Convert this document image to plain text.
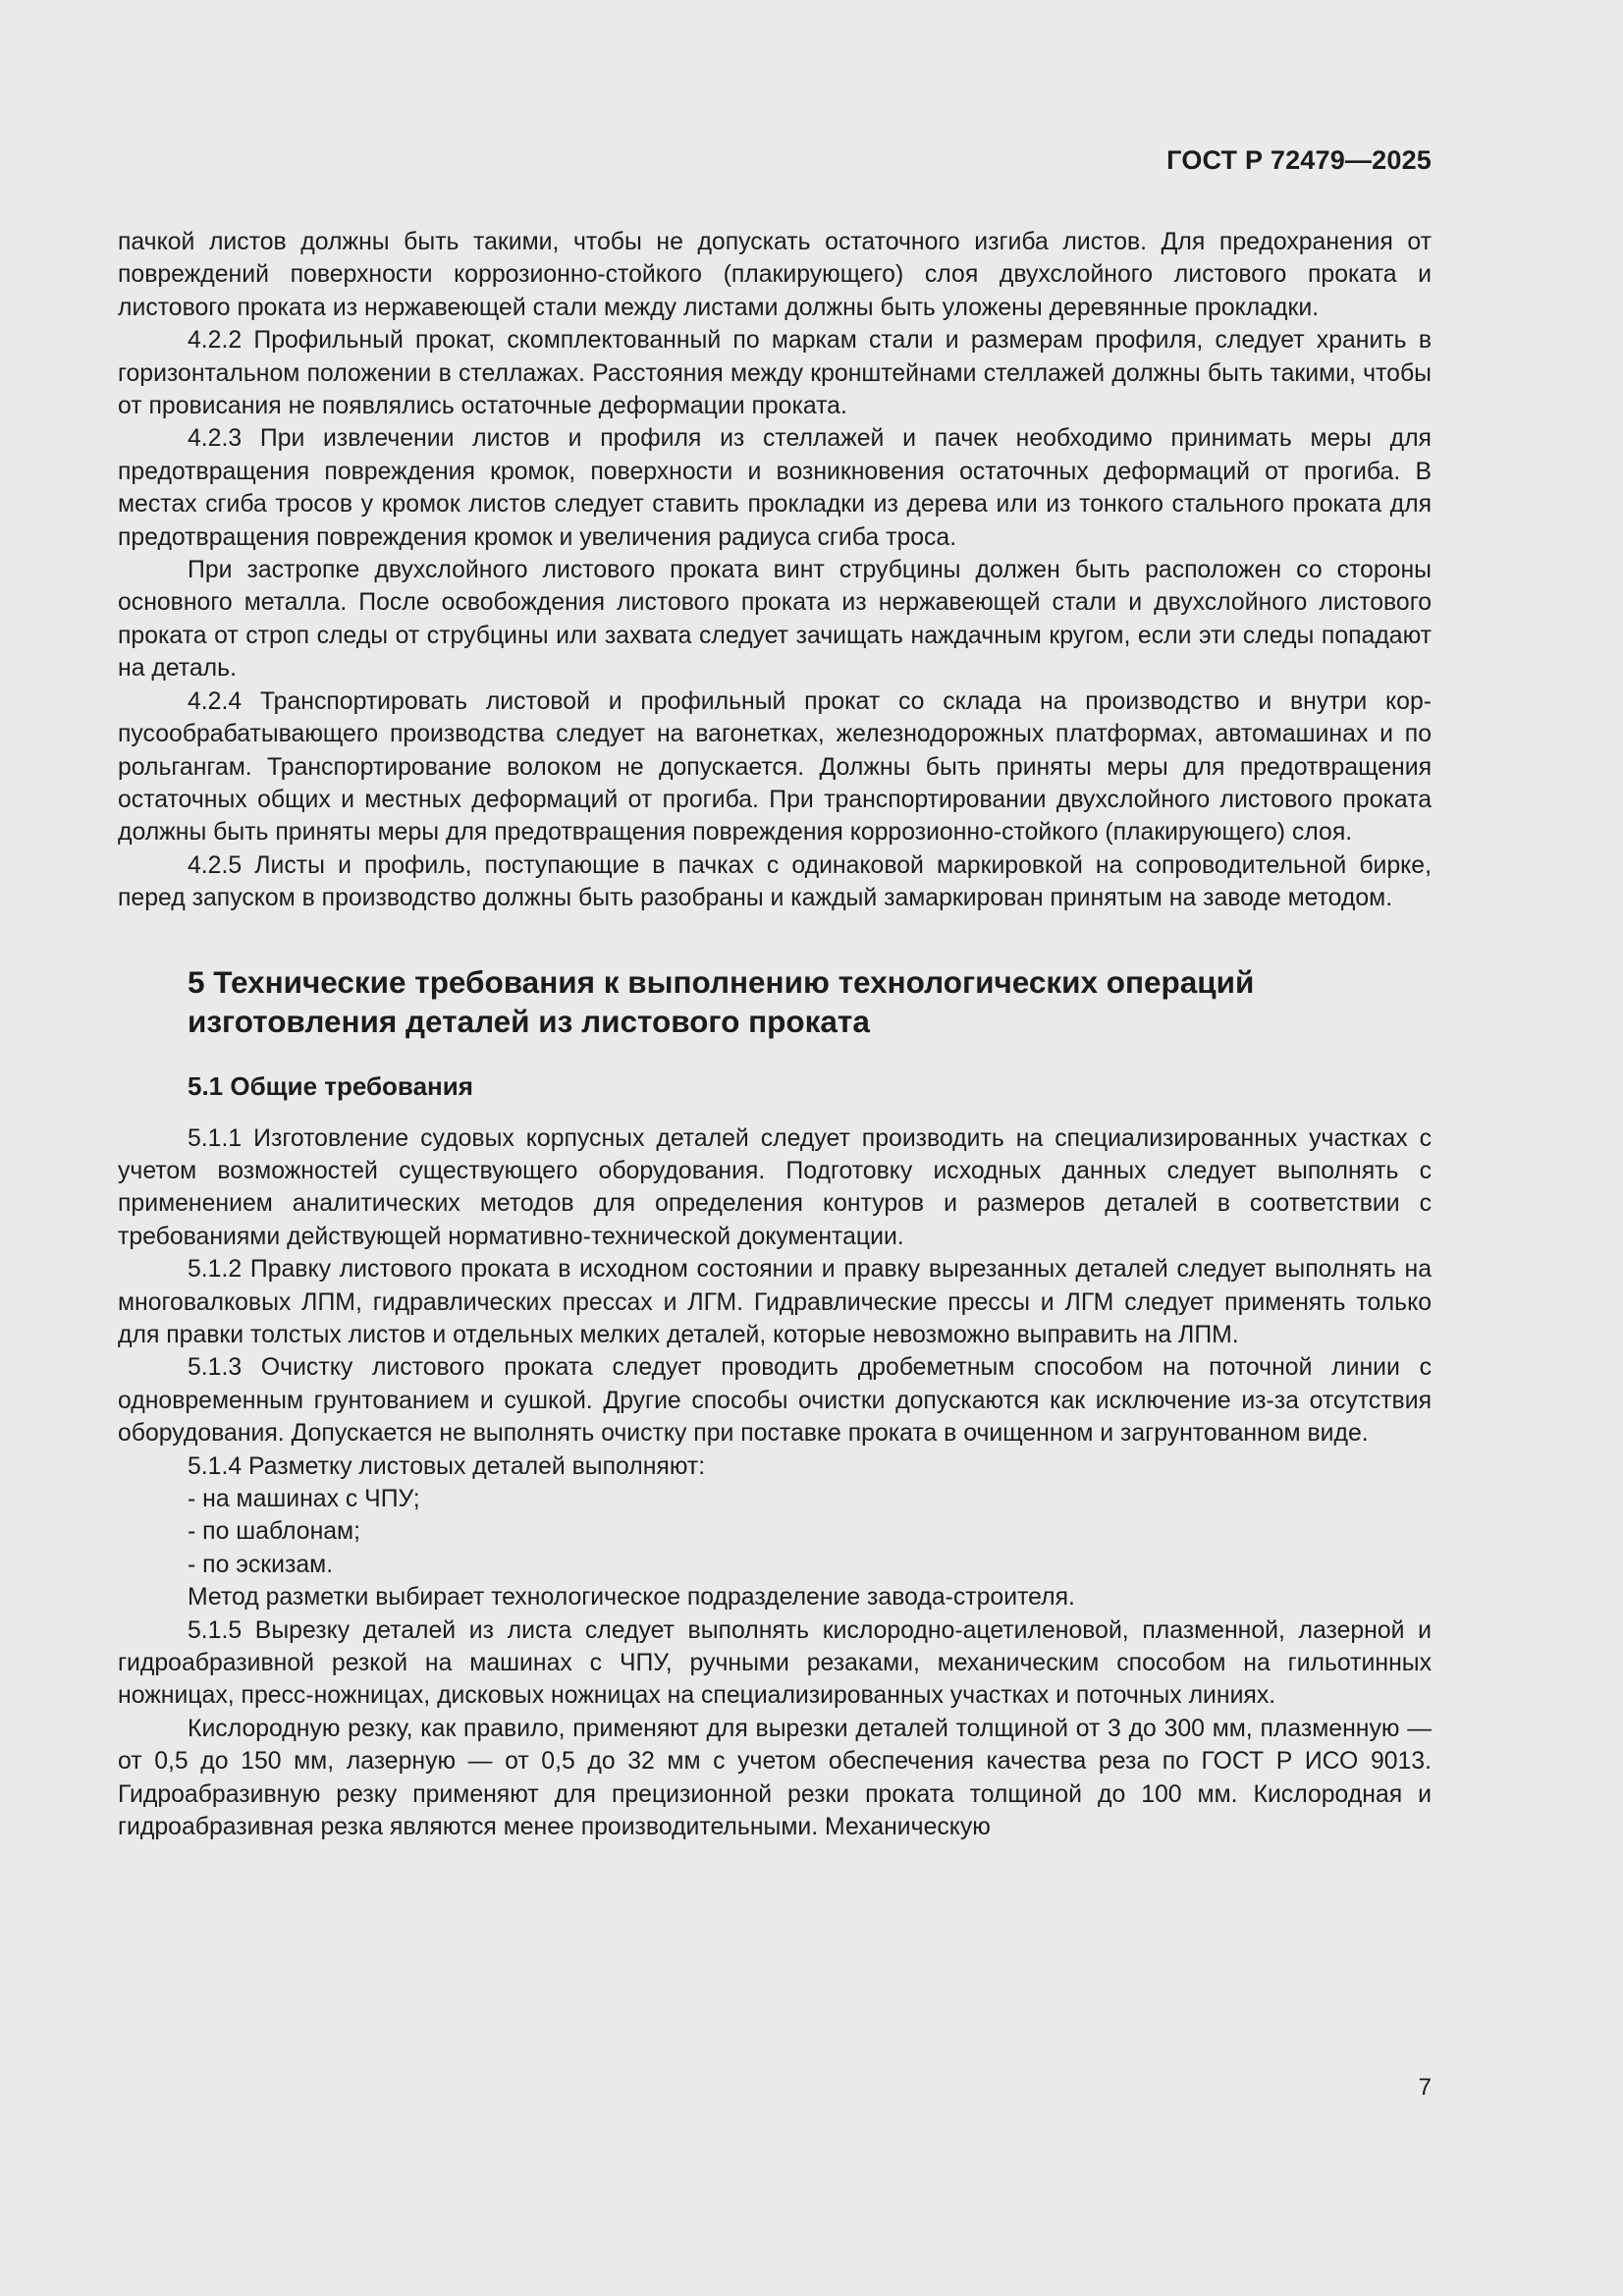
ГОСТ Р 72479—2025

пачкой листов должны быть такими, чтобы не допускать остаточного изгиба листов. Для предохранения от повреждений поверхности коррозионно-стойкого (плакирующего) слоя двухслойного листового проката и листового проката из нержавеющей стали между листами должны быть уложены деревянные прокладки.

4.2.2 Профильный прокат, скомплектованный по маркам стали и размерам профиля, следует хранить в горизонтальном положении в стеллажах. Расстояния между кронштейнами стеллажей должны быть такими, чтобы от провисания не появлялись остаточные деформации проката.

4.2.3 При извлечении листов и профиля из стеллажей и пачек необходимо принимать меры для предотвращения повреждения кромок, поверхности и возникновения остаточных деформаций от прогиба. В местах сгиба тросов у кромок листов следует ставить прокладки из дерева или из тонкого стального проката для предотвращения повреждения кромок и увеличения радиуса сгиба троса.

При застропке двухслойного листового проката винт струбцины должен быть расположен со стороны основного металла. После освобождения листового проката из нержавеющей стали и двухслойного листового проката от строп следы от струбцины или захвата следует зачищать наждачным кругом, если эти следы попадают на деталь.

4.2.4 Транспортировать листовой и профильный прокат со склада на производство и внутри корпусообрабатывающего производства следует на вагонетках, железнодорожных платформах, автомашинах и по рольгангам. Транспортирование волоком не допускается. Должны быть приняты меры для предотвращения остаточных общих и местных деформаций от прогиба. При транспортировании двухслойного листового проката должны быть приняты меры для предотвращения повреждения коррозионно-стойкого (плакирующего) слоя.

4.2.5 Листы и профиль, поступающие в пачках с одинаковой маркировкой на сопроводительной бирке, перед запуском в производство должны быть разобраны и каждый замаркирован принятым на заводе методом.

5 Технические требования к выполнению технологических операций
изготовления деталей из листового проката
5.1 Общие требования

5.1.1 Изготовление судовых корпусных деталей следует производить на специализированных участках с учетом возможностей существующего оборудования. Подготовку исходных данных следует выполнять с применением аналитических методов для определения контуров и размеров деталей в соответствии с требованиями действующей нормативно-технической документации.

5.1.2 Правку листового проката в исходном состоянии и правку вырезанных деталей следует выполнять на многовалковых ЛПМ, гидравлических прессах и ЛГМ. Гидравлические прессы и ЛГМ следует применять только для правки толстых листов и отдельных мелких деталей, которые невозможно выправить на ЛПМ.

5.1.3 Очистку листового проката следует проводить дробеметным способом на поточной линии с одновременным грунтованием и сушкой. Другие способы очистки допускаются как исключение из-за отсутствия оборудования. Допускается не выполнять очистку при поставке проката в очищенном и загрунтованном виде.

5.1.4 Разметку листовых деталей выполняют:

- на машинах с ЧПУ;

- по шаблонам;

- по эскизам.

Метод разметки выбирает технологическое подразделение завода-строителя.

5.1.5 Вырезку деталей из листа следует выполнять кислородно-ацетиленовой, плазменной, лазерной и гидроабразивной резкой на машинах с ЧПУ, ручными резаками, механическим способом на гильотинных ножницах, пресс-ножницах, дисковых ножницах на специализированных участках и поточных линиях.

Кислородную резку, как правило, применяют для вырезки деталей толщиной от 3 до 300 мм, плазменную — от 0,5 до 150 мм, лазерную — от 0,5 до 32 мм с учетом обеспечения качества реза по ГОСТ Р ИСО 9013. Гидроабразивную резку применяют для прецизионной резки проката толщиной до 100 мм. Кислородная и гидроабразивная резка являются менее производительными. Механическую

7
